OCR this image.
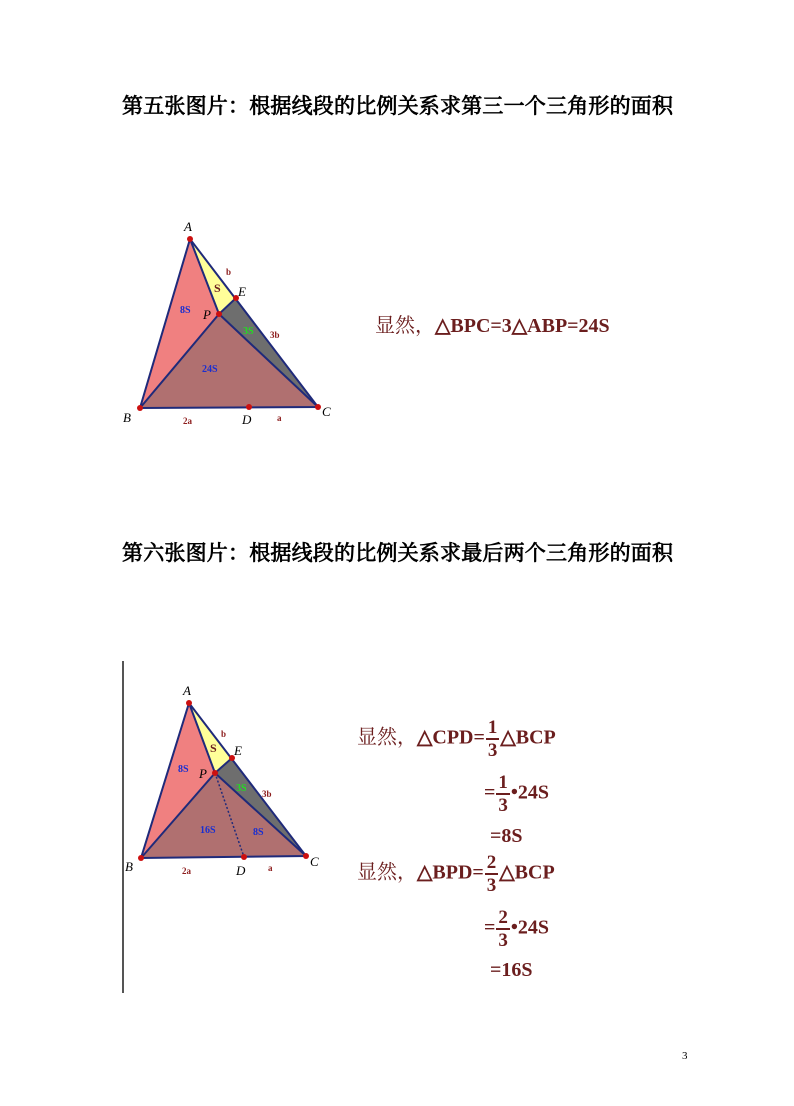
第五张图片：根据线段的比例关系求第三一个三角形的面积
A
B	C
D
E
P
b
3b
2a	a
8S
S
3S
24S
显然，△BPC=3△ABP=24S
第六张图片：根据线段的比例关系求最后两个三角形的面积
A
B	C
D
E
P
b
3b
2a	a
8S
S
3S
16S	8S
显然，△CPD= $\frac{1}{3}$ △BCP
= $\frac{1}{3}$ •24S
=8S
显然，△BPD= $\frac{2}{3}$ △BCP
= $\frac{2}{3}$ •24S
=16S
3
